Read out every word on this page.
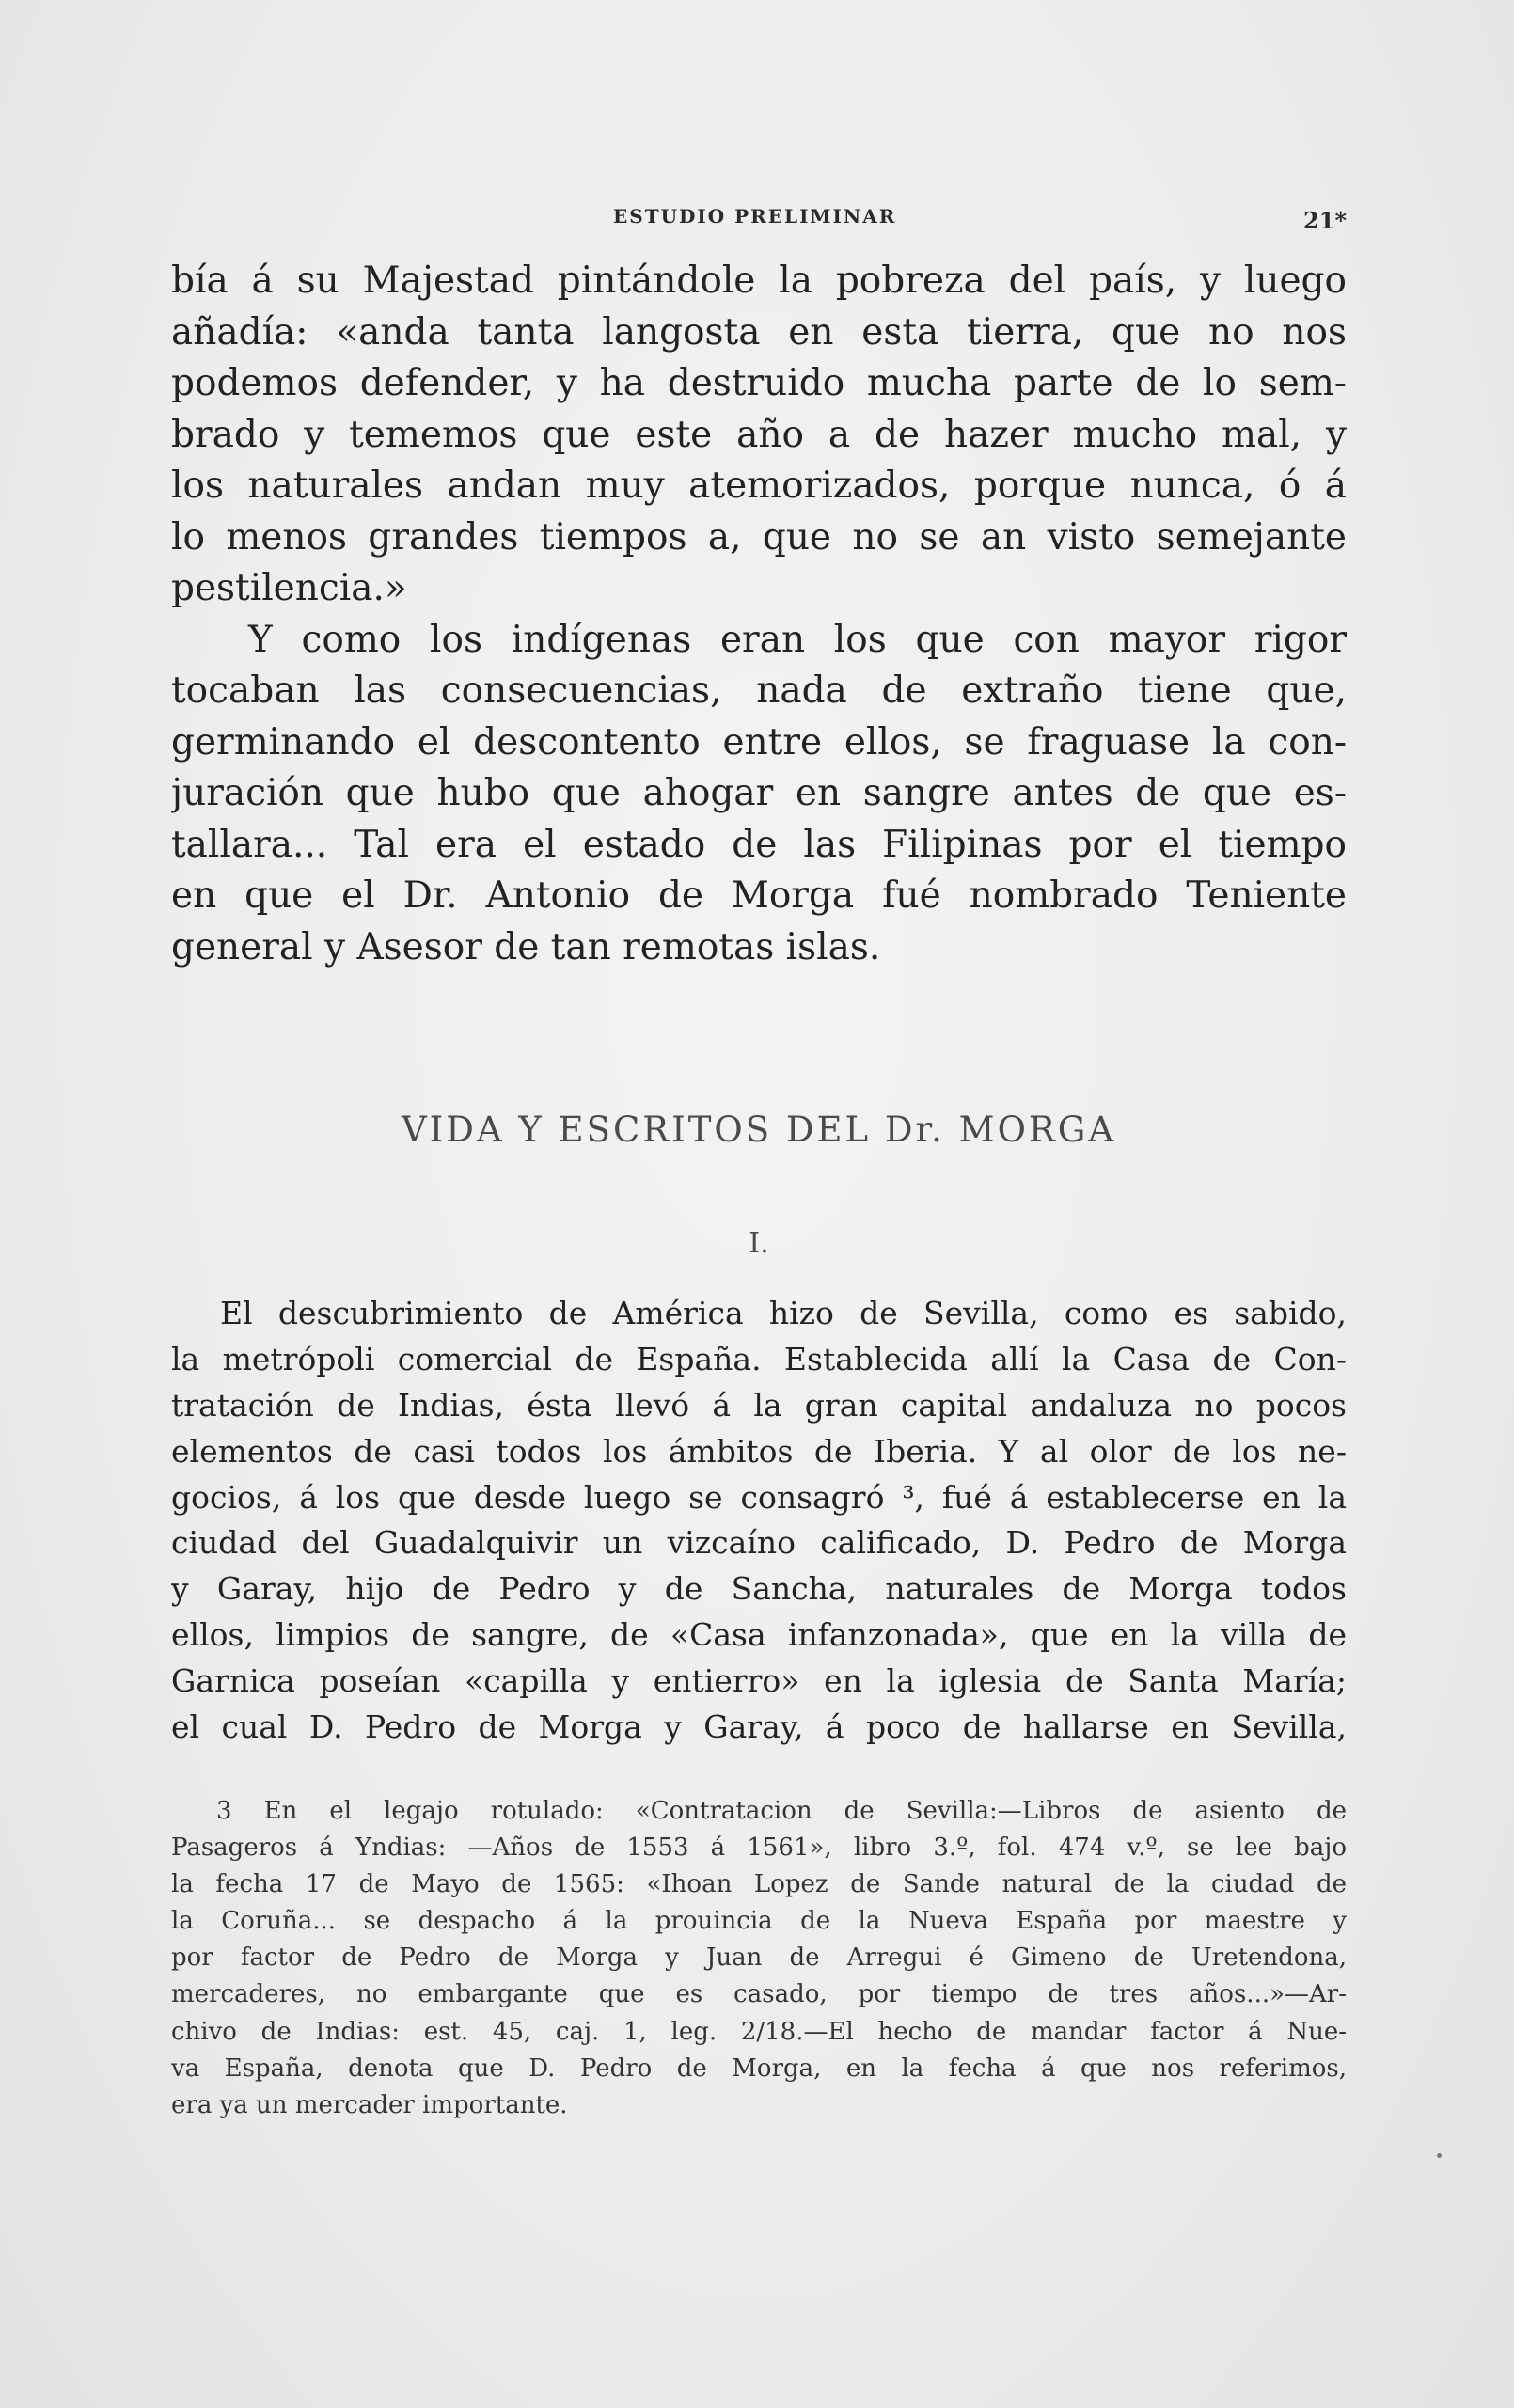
ESTUDIO PRELIMINAR	21*
bía á su Majestad pintándole la pobreza del país, y luego
añadía: «anda tanta langosta en esta tierra, que no nos
podemos defender, y ha destruido mucha parte de lo sem-
brado y tememos que este año a de hazer mucho mal, y
los naturales andan muy atemorizados, porque nunca, ó á
lo menos grandes tiempos a, que no se an visto semejante
pestilencia.»
Y como los indígenas eran los que con mayor rigor
tocaban las consecuencias, nada de extraño tiene que,
germinando el descontento entre ellos, se fraguase la con-
juración que hubo que ahogar en sangre antes de que es-
tallara... Tal era el estado de las Filipinas por el tiempo
en que el Dr. Antonio de Morga fué nombrado Teniente
general y Asesor de tan remotas islas.
VIDA Y ESCRITOS DEL Dr. MORGA
I.
El descubrimiento de América hizo de Sevilla, como es sabido,
la metrópoli comercial de España. Establecida allí la Casa de Con-
tratación de Indias, ésta llevó á la gran capital andaluza no pocos
elementos de casi todos los ámbitos de Iberia. Y al olor de los ne-
gocios, á los que desde luego se consagró ³, fué á establecerse en la
ciudad del Guadalquivir un vizcaíno calificado, D. Pedro de Morga
y Garay, hijo de Pedro y de Sancha, naturales de Morga todos
ellos, limpios de sangre, de «Casa infanzonada», que en la villa de
Garnica poseían «capilla y entierro» en la iglesia de Santa María;
el cual D. Pedro de Morga y Garay, á poco de hallarse en Sevilla,
3 En el legajo rotulado: «Contratacion de Sevilla:—Libros de asiento de
Pasageros á Yndias: —Años de 1553 á 1561», libro 3.º, fol. 474 v.º, se lee bajo
la fecha 17 de Mayo de 1565: «Ihoan Lopez de Sande natural de la ciudad de
la Coruña... se despacho á la prouincia de la Nueva España por maestre y
por factor de Pedro de Morga y Juan de Arregui é Gimeno de Uretendona,
mercaderes, no embargante que es casado, por tiempo de tres años...»—Ar-
chivo de Indias: est. 45, caj. 1, leg. 2/18.—El hecho de mandar factor á Nue-
va España, denota que D. Pedro de Morga, en la fecha á que nos referimos,
era ya un mercader importante.
